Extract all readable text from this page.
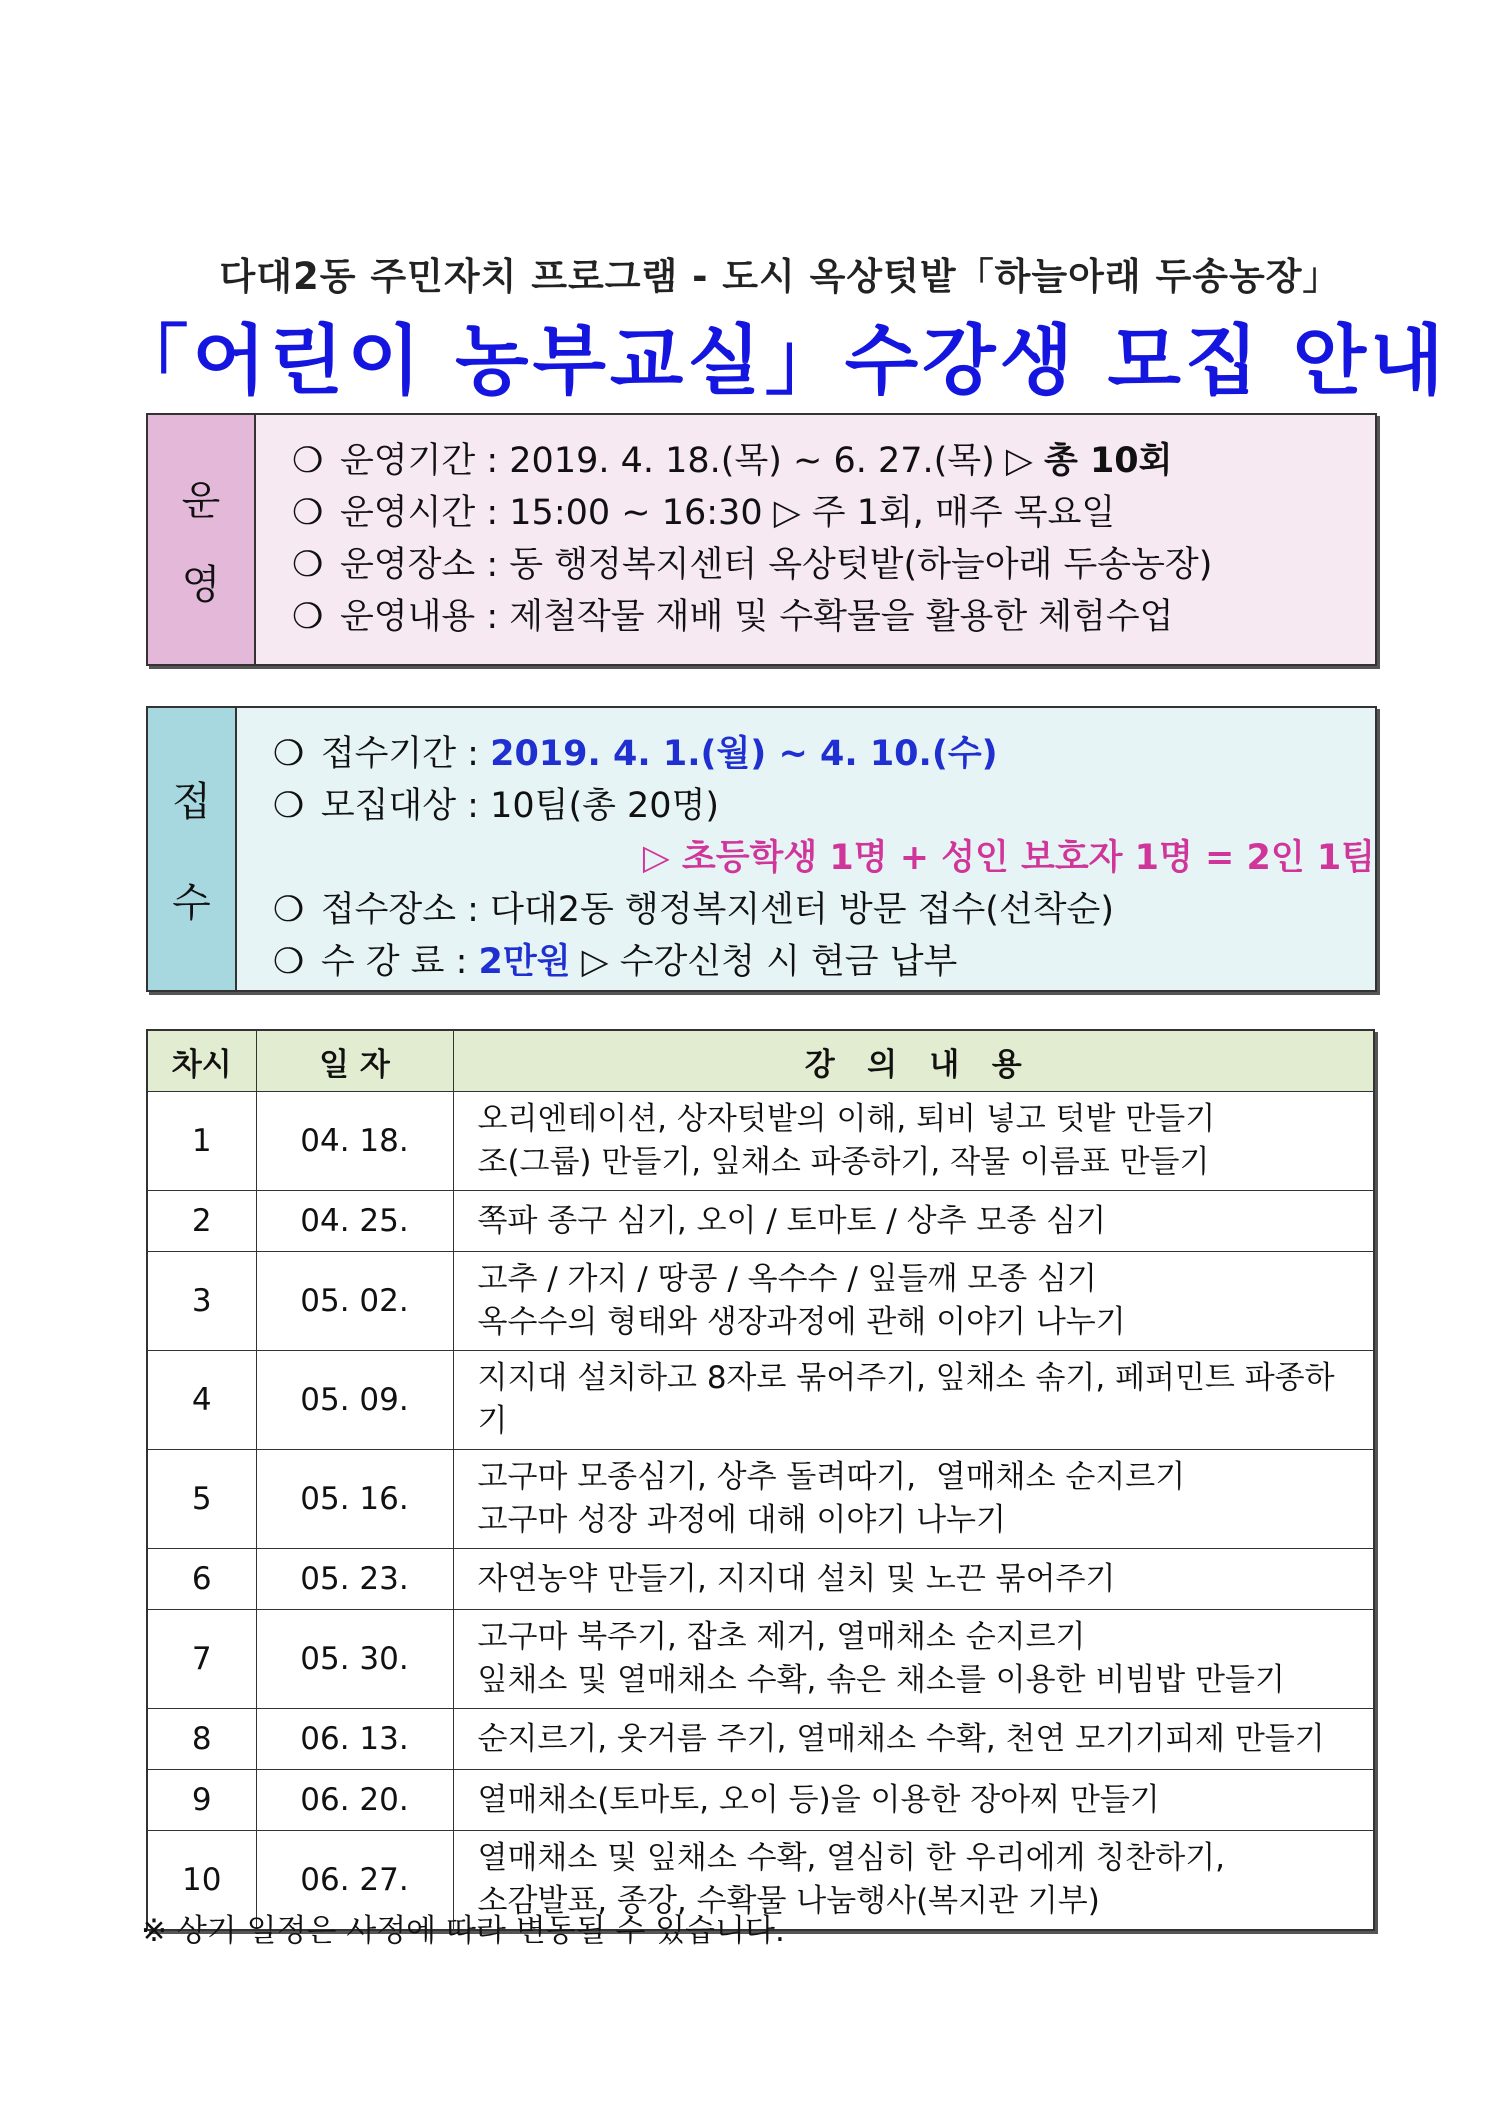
다대2동 주민자치 프로그램 - 도시 옥상텃밭「하늘아래 두송농장」
「어린이 농부교실」수강생 모집 안내
운
영
❍ 운영기간 : 2019. 4. 18.(목) ~ 6. 27.(목) ▷ 총 10회
❍ 운영시간 : 15:00 ~ 16:30 ▷ 주 1회, 매주 목요일
❍ 운영장소 : 동 행정복지센터 옥상텃밭(하늘아래 두송농장)
❍ 운영내용 : 제철작물 재배 및 수확물을 활용한 체험수업
접
수
❍ 접수기간 : 2019. 4. 1.(월) ~ 4. 10.(수)
❍ 모집대상 : 10팀(총 20명)
▷ 초등학생 1명 + 성인 보호자 1명 = 2인 1팀
❍ 접수장소 : 다대2동 행정복지센터 방문 접수(선착순)
❍ 수 강 료 : 2만원 ▷ 수강신청 시 현금 납부
차시	일 자	강   의   내   용
1	04. 18.	오리엔테이션, 상자텃밭의 이해, 퇴비 넣고 텃밭 만들기
조(그룹) 만들기, 잎채소 파종하기, 작물 이름표 만들기

2	04. 25.	쪽파 종구 심기, 오이 / 토마토 / 상추 모종 심기

3	05. 02.	고추 / 가지 / 땅콩 / 옥수수 / 잎들깨 모종 심기
옥수수의 형태와 생장과정에 관해 이야기 나누기

4	05. 09.	지지대 설치하고 8자로 묶어주기, 잎채소 솎기, 페퍼민트 파종하기

5	05. 16.	고구마 모종심기, 상추 돌려따기,  열매채소 순지르기
고구마 성장 과정에 대해 이야기 나누기

6	05. 23.	자연농약 만들기, 지지대 설치 및 노끈 묶어주기

7	05. 30.	고구마 북주기, 잡초 제거, 열매채소 순지르기
잎채소 및 열매채소 수확, 솎은 채소를 이용한 비빔밥 만들기

8	06. 13.	순지르기, 웃거름 주기, 열매채소 수확, 천연 모기기피제 만들기

9	06. 20.	열매채소(토마토, 오이 등)을 이용한 장아찌 만들기

10	06. 27.	열매채소 및 잎채소 수확, 열심히 한 우리에게 칭찬하기,
소감발표, 종강, 수확물 나눔행사(복지관 기부)
※ 상기 일정은 사정에 따라 변동될 수 있습니다.
